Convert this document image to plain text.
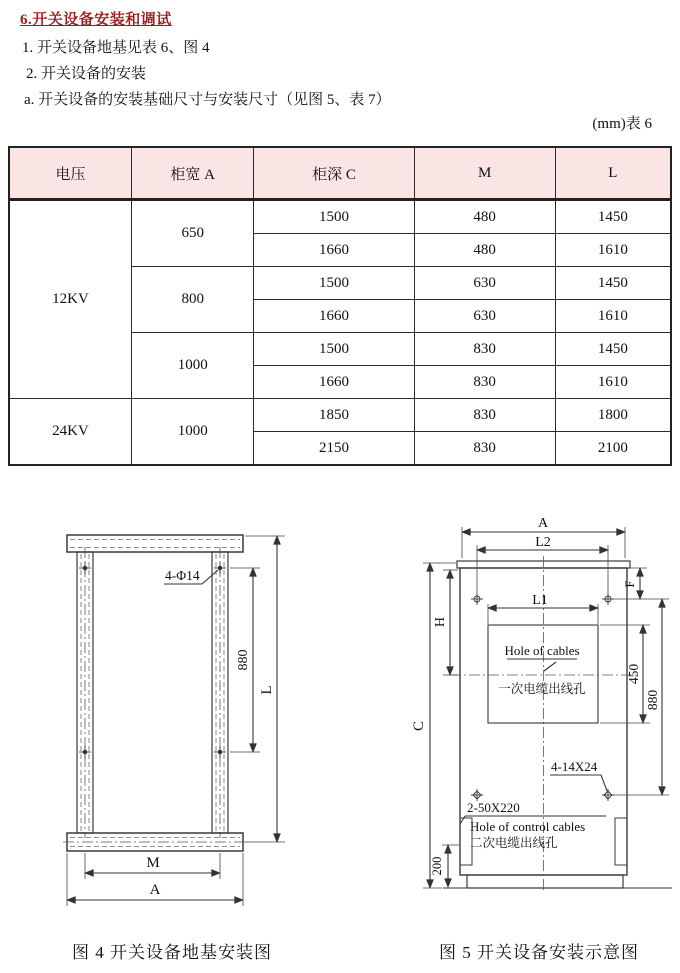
6.开关设备安装和调试
1. 开关设备地基见表 6、图 4
2. 开关设备的安装
a. 开关设备的安装基础尺寸与安装尺寸（见图 5、表 7）
(mm)表 6
电压	柜宽 A	柜深 C	M	L
12KV	650	1500	480	1450
		1660	480	1610
	800	1500	630	1450
		1660	630	1610
	1000	1500	830	1450
		1660	830	1610
24KV	1000	1850	830	1800
		2150	830	2100
4-Φ14
880
L
M
A
A
L2
L1
F
H
C
450
880
200
4-14X24
2-50X220
Hole of cables
一次电缆出线孔
Hole of control cables
二次电缆出线孔
图 4 开关设备地基安装图	图 5 开关设备安装示意图
